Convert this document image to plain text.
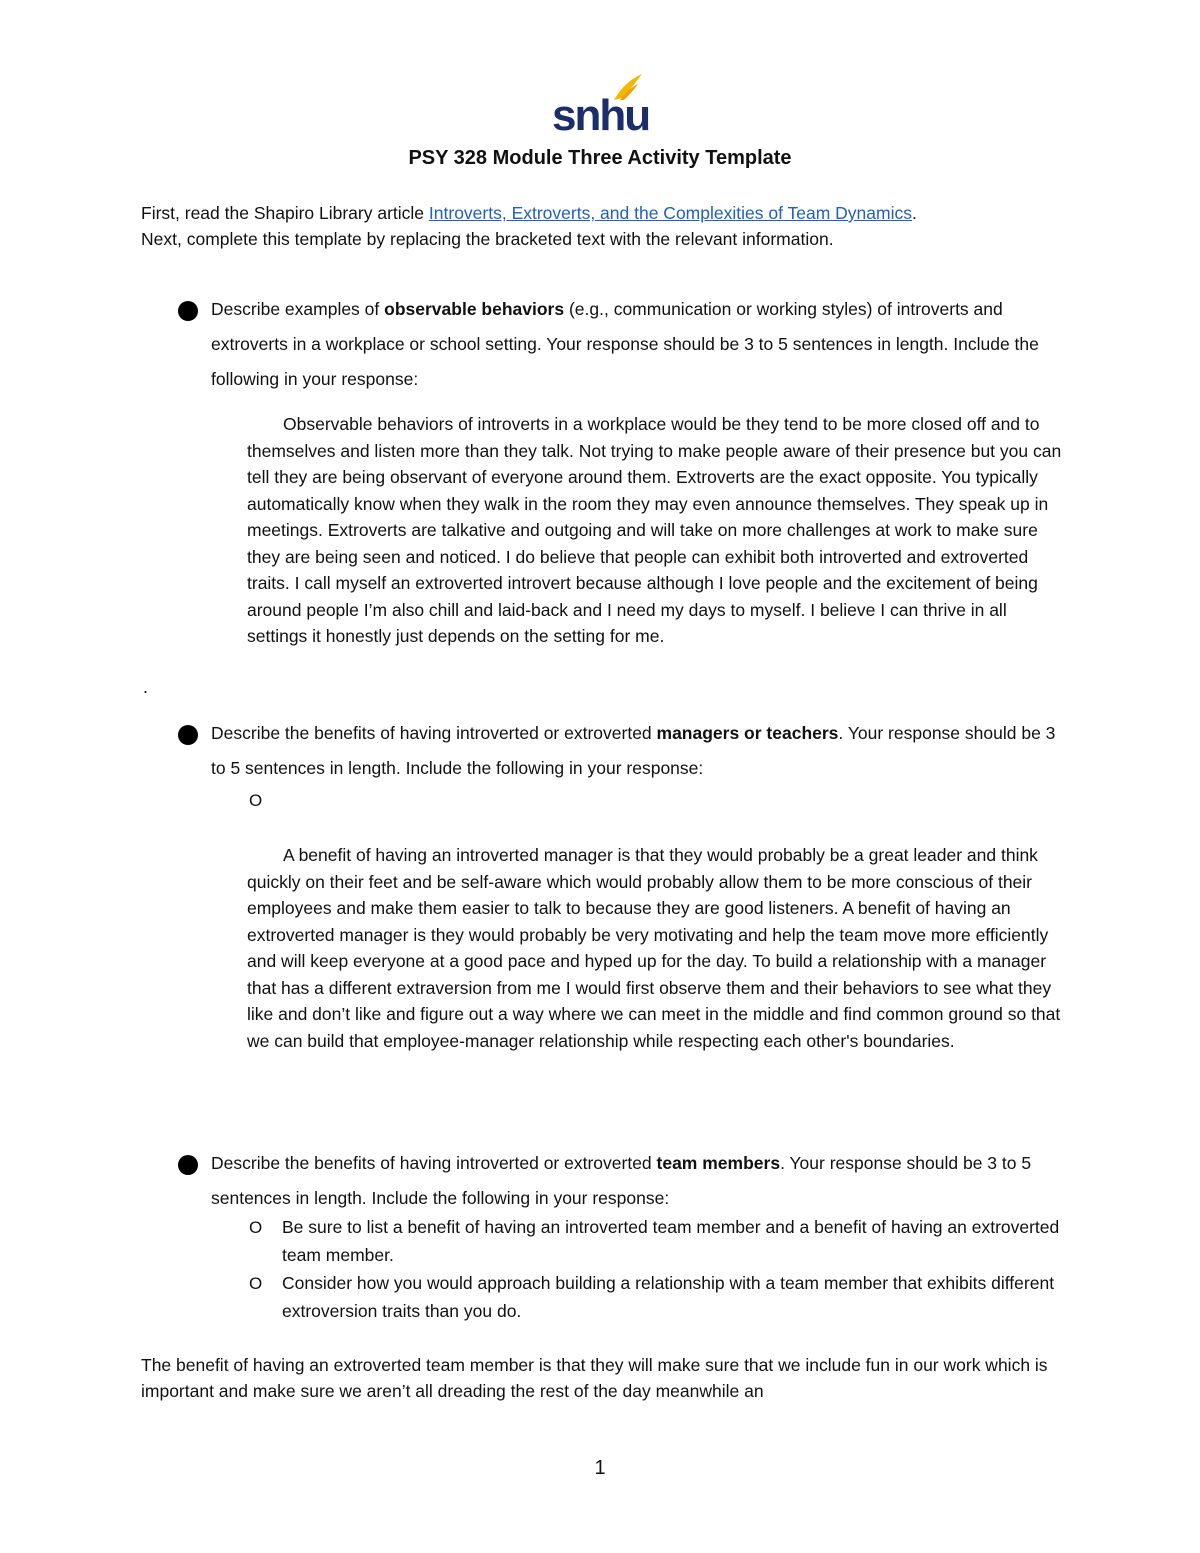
snhu
PSY 328 Module Three Activity Template
First, read the Shapiro Library article Introverts, Extroverts, and the Complexities of Team Dynamics.
Next, complete this template by replacing the bracketed text with the relevant information.
Describe examples of observable behaviors (e.g., communication or working styles) of introverts and extroverts in a workplace or school setting. Your response should be 3 to 5 sentences in length. Include the following in your response:
Observable behaviors of introverts in a workplace would be they tend to be more closed off and to themselves and listen more than they talk. Not trying to make people aware of their presence but you can tell they are being observant of everyone around them. Extroverts are the exact opposite. You typically automatically know when they walk in the room they may even announce themselves. They speak up in meetings. Extroverts are talkative and outgoing and will take on more challenges at work to make sure they are being seen and noticed. I do believe that people can exhibit both introverted and extroverted traits. I call myself an extroverted introvert because although I love people and the excitement of being around people I’m also chill and laid-back and I need my days to myself. I believe I can thrive in all settings it honestly just depends on the setting for me.
.
Describe the benefits of having introverted or extroverted managers or teachers. Your response should be 3 to 5 sentences in length. Include the following in your response:
O
A benefit of having an introverted manager is that they would probably be a great leader and think quickly on their feet and be self-aware which would probably allow them to be more conscious of their employees and make them easier to talk to because they are good listeners. A benefit of having an extroverted manager is they would probably be very motivating and help the team move more efficiently and will keep everyone at a good pace and hyped up for the day. To build a relationship with a manager that has a different extraversion from me I would first observe them and their behaviors to see what they like and don’t like and figure out a way where we can meet in the middle and find common ground so that we can build that employee-manager relationship while respecting each other's boundaries.
Describe the benefits of having introverted or extroverted team members. Your response should be 3 to 5 sentences in length. Include the following in your response:
O Be sure to list a benefit of having an introverted team member and a benefit of having an extroverted team member.
O Consider how you would approach building a relationship with a team member that exhibits different extroversion traits than you do.
The benefit of having an extroverted team member is that they will make sure that we include fun in our work which is important and make sure we aren’t all dreading the rest of the day meanwhile an
1
